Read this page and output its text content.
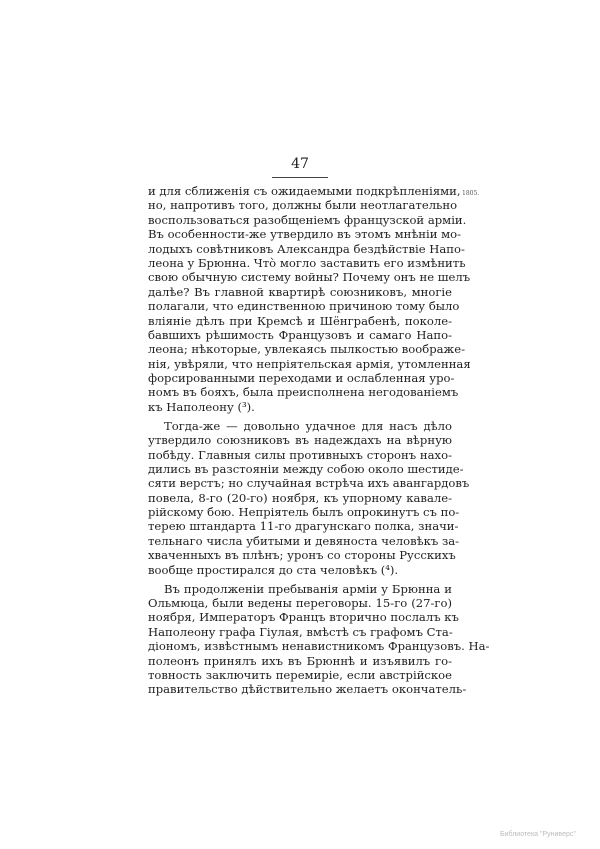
47
1805.
и для сближенія съ ожидаемыми подкрѣпленіями,
но, напротивъ того, должны были неотлагательно
воспользоваться разобщеніемъ французской арміи.
Въ особенности-же утвердило въ этомъ мнѣніи мо-
лодыхъ совѣтниковъ Александра бездѣйствіе Напо-
леона у Брюнна. Чтò могло заставить его измѣнить
свою обычную систему войны? Почему онъ не шелъ
далѣе? Въ главной квартирѣ союзниковъ, многіе
полагали, что единственною причиною тому было
вліяніе дѣлъ при Кремсѣ и Шёнграбенѣ, поколе-
бавшихъ рѣшимость Французовъ и самаго Напо-
леона; нѣкоторые, увлекаясь пылкостью воображе-
нія, увѣряли, что непріятельская армія, утомленная
форсированными переходами и ослабленная уро-
номъ въ бояхъ, была преисполнена негодованіемъ
къ Наполеону (³).
Тогда-же — довольно удачное для насъ дѣло
утвердило союзниковъ въ надеждахъ на вѣрную
побѣду. Главныя силы противныхъ сторонъ нахо-
дились въ разстояніи между собою около шестиде-
сяти верстъ; но случайная встрѣча ихъ авангардовъ
повела, 8-го (20-го) ноября, къ упорному кавале-
рійскому бою. Непріятель былъ опрокинутъ съ по-
терею штандарта 11-го драгунскаго полка, значи-
тельнаго числа убитыми и девяноста человѣкъ за-
хваченныхъ въ плѣнъ; уронъ со стороны Русскихъ
вообще простирался до ста человѣкъ (⁴).
Въ продолженіи пребыванія арміи у Брюнна и
Ольмюца, были ведены переговоры. 15-го (27-го)
ноября, Императоръ Францъ вторично послалъ къ
Наполеону графа Гіулая, вмѣстѣ съ графомъ Ста-
діономъ, извѣстнымъ ненавистникомъ Французовъ. На-
полеонъ принялъ ихъ въ Брюннѣ и изъявилъ го-
товность заключить перемиріе, если австрійское
правительство дѣйствительно желаетъ окончатель-
Библиотека "Руниверс"
